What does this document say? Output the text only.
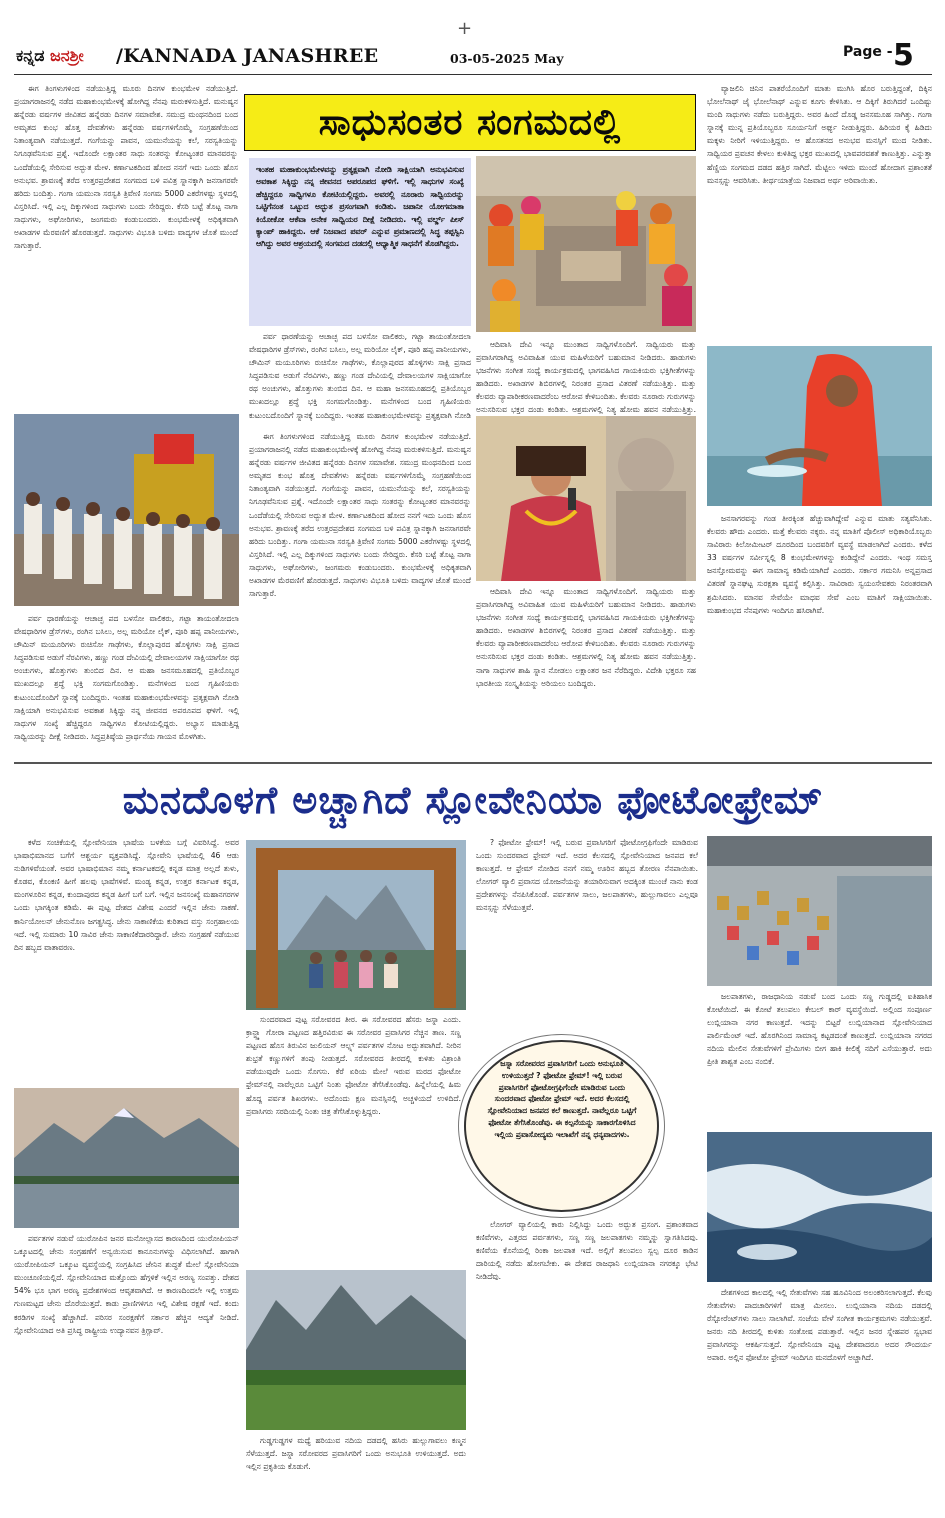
+
ಕನ್ನಡ ಜನಶ್ರೀ /KANNADA JANASHREE	03-05-2025 May	Page - 5
ಸಾಧುಸಂತರ ಸಂಗಮದಲ್ಲಿ

ಈಗ ತಿಂಗಳುಗಳಿಂದ ನಡೆಯುತ್ತಿದ್ದ ಮೂರು ದಿನಗಳ ಕುಂಭಮೇಳ ನಡೆಯುತ್ತಿದೆ. ಪ್ರಯಾಗರಾಜನಲ್ಲಿ ನಡೆದ ಮಹಾಕುಂಭಮೇಳಕ್ಕೆ ಹೋಗಿದ್ದ ನೆನಪು ಮರುಕಳಿಸುತ್ತಿದೆ. ಮನುಷ್ಯನ ಹನ್ನೆರಡು ವರ್ಷಗಳ ಜೀವಿತದ ಹನ್ನೆರಡು ದಿನಗಳ ಸಮಾವೇಶ. ಸಮುದ್ರ ಮಂಥನದಿಂದ ಬಂದ ಅಮೃತದ ಕುಂಭ ಹೊತ್ತ ದೇವತೆಗಳು ಹನ್ನೆರಡು ವರ್ಷಗಳಿಗೊಮ್ಮೆ ಸಂಗ್ರಹಣೆಯಿಂದ ನಿತಾಂತ್ಯವಾಗಿ ನಡೆಯುತ್ತದೆ. ಗಂಗೆಯನ್ನು ಪಾವನ, ಯಮುನೆಯನ್ನು ಕಲೆ, ಸರಸ್ವತಿಯನ್ನು ನಿಗೂಢವೆನಿಸುವ ಪ್ರಶ್ನೆ. ಇದೊಂದೇ ಲಕ್ಷಾಂತರ ಸಾಧು ಸಂತರನ್ನು ಕೋಟ್ಯಂತರ ಮಾನವರನ್ನು ಒಂದೆಡೆಯಲ್ಲಿ ಸೇರಿಸುವ ಅದ್ಭುತ ಮೇಳ. ಕರ್ಣಾಟಕದಿಂದ ಹೋದ ನನಗೆ ಇದು ಒಂದು ಹೊಸ ಅನುಭವ. ಶ್ರಾವಣಕ್ಕೆ ತರೆದ ಉತ್ತರಪ್ರದೇಶದ ಸಂಗಮದ ಬಳಿ ಪವಿತ್ರ ಸ್ನಾನಕ್ಕಾಗಿ ಜನಸಾಗರವೇ ಹರಿದು ಬಂದಿತ್ತು. ಗಂಗಾ ಯಮುನಾ ಸರಸ್ವತಿ ತ್ರಿವೇಣಿ ಸಂಗಮ 5000 ಎಕರೆಗಳಷ್ಟು ಸ್ಥಳದಲ್ಲಿ ವಿಸ್ತರಿಸಿದೆ. ಇಲ್ಲಿ ಎಲ್ಲ ದಿಕ್ಕುಗಳಿಂದ ಸಾಧುಗಳು ಬಂದು ಸೇರಿದ್ದರು. ಕೆಸರಿ ಬಟ್ಟೆ ತೊಟ್ಟ ನಾಗಾ ಸಾಧುಗಳು, ಅಘೋರಿಗಳು, ಜಂಗಮರು ಕಂಡುಬಂದರು. ಕುಂಭಮೇಳಕ್ಕೆ ಅಧಿಕೃತವಾಗಿ ಅಖಾಡಗಳ ಮೆರವಣಿಗೆ ಹೊರಡುತ್ತದೆ. ಸಾಧುಗಳು ವಿಭೂತಿ ಬಳಿದು ವಾದ್ಯಗಳ ಜೊತೆ ಮುಂದೆ ಸಾಗುತ್ತಾರೆ.

ಇಂತಹ ಮಹಾಕುಂಭಮೇಳವನ್ನು ಪ್ರತ್ಯಕ್ಷವಾಗಿ ನೋಡಿ ಸಾಕ್ಷಿಯಾಗಿ ಅನುಭವಿಸುವ ಅವಕಾಶ ಸಿಕ್ಕಿದ್ದು ನನ್ನ ಜೀವನದ ಅಪರೂಪದ ಘಳಿಗೆ. ಇಲ್ಲಿ ಸಾಧುಗಳ ಸಂಖ್ಯೆ ಹೆಚ್ಚಿದ್ದರೂ ಸಾಧ್ವಿಗಳೂ ಕೋಟಿಯಲ್ಲಿದ್ದರು. ಅವರಲ್ಲಿ ನೂರಾರು ಸಾಧ್ವಿಯರನ್ನು ಒಟ್ಟಿಗೆನಂತ ಒಟ್ಟುದ ಅದ್ಭುತ ಪ್ರಸಂಗವಾಗಿ ಕಂಡಿತು. ಜಪಾನೀ ಯೋಗಮಾತಾ ಕಿಯೋಕೋ ಆಕೆವಾ ಅನೇಕ ಸಾಧ್ವಿಯರ ದೀಕ್ಷೆ ನೀಡಿದರು. ಇಲ್ಲಿ ವರ್ಲ್ಡ್ ಪೀಸ್ ಕ್ಯಾಂಪ್ ಹಾಕಿದ್ದರು. ಆಕೆ ನಿಜವಾದ ಪವರ್ ಎನ್ನುವ ಪ್ರಮಾಣದಲ್ಲಿ ಸಿದ್ಧ ತಪ್ಪಸ್ವಿನಿ ಆಗಿದ್ದು ಅವರ ಆಶ್ರಯದಲ್ಲಿ ಸಂಗಮದ ದಡದಲ್ಲಿ ಆಧ್ಯಾತ್ಮಿಕ ಸಾಧನೆಗೆ ತೊಡಗಿದ್ದರು.

ಪರ್ವ ಧಾರಣೆಯನ್ನು ಆಚಾಚ್ಛ ಪದ ಬಳಸೋ ವಾಲಿಕರು, ಗಟ್ಟಾ ತಾಯಂತೋದಲಾ ವೇಷಧಾರಿಗಳ ಡ್ರೆಸ್‌ಗಳು, ರಂಗಿನ ಬಸಿಲು, ಅಲ್ಲ ಮರಿಯೋ ಲೈಕ್, ಪೂರಿ ಹಪ್ಪ ಪಾನೀಯಗಳು, ಚೌಮಿನ್ ಮಯೂರಿಗಳು ರುಚಿಸೋ ಗಾಢೆಗಳು, ಕೊಲ್ಲಾಪುರದ ಹೊಳ್ಳಿಗಳು ಸಾಕ್ಷಿ ಪ್ರಸಾದ ಸಿದ್ಧಪಡಿಸುವ ಅಡುಗೆ ನೆರವಿಗಳು, ಹಣ್ಣು ಗಂಡ ದೇವಿಯಲ್ಲಿ ದೇವಾಲಯಗಳ ಸಾಕ್ಷಿಯಾಗೋ ರಥ ಅಂಚುಗಳು, ಹೊತ್ತುಗಳು ತುಂಬಿದ ದಿನ. ಆ ಮಹಾ ಜನಸಮೂಹದಲ್ಲಿ ಪ್ರತಿಯೊಬ್ಬರ ಮುಖದಲ್ಲೂ ಶ್ರದ್ಧೆ ಭಕ್ತಿ ಸಂಗಮಗೊಂಡಿತ್ತು. ಮನೆಗಳಿಂದ ಬಂದ ಗೃಹಿಣಿಯರು ಕುಟುಂಬದೊಂದಿಗೆ ಸ್ನಾನಕ್ಕೆ ಬಂದಿದ್ದರು. ಇಂತಹ ಮಹಾಕುಂಭಮೇಳವನ್ನು ಪ್ರತ್ಯಕ್ಷವಾಗಿ ನೋಡಿ

ಆದಿವಾಸಿ ದೇವಿ ಇನ್ನೂ ಮುಂತಾದ ಸಾಧ್ವಿಗಳೊಂದಿಗೆ. ಸಾಧ್ವಿಯರು ಮತ್ತು ಪ್ರವಾಸಿಗರಾಗಿದ್ದ ಅವಿವಾಹಿತ ಯುವ ಮಹಿಳೆಯರಿಗೆ ಬಹುಮಾನ ನೀಡಿದರು. ಹಾಡುಗಳು ಭಜನೆಗಳು ಸಂಗೀತ ಸಂಧ್ಯೆ ಕಾರ್ಯಕ್ರಮದಲ್ಲಿ ಭಾಗವಹಿಸಿದ ಗಾಯಕಿಯರು ಭಕ್ತಿಗೀತೆಗಳನ್ನು ಹಾಡಿದರು. ಅಖಾಡಗಳ ಶಿಬಿರಗಳಲ್ಲಿ ನಿರಂತರ ಪ್ರಸಾದ ವಿತರಣೆ ನಡೆಯುತ್ತಿತ್ತು. ಮತ್ತು ಕೆಲವರು ವ್ಯಾಪಾರೀಕರಣವಾದರೆಂಬ ಆರೋಪ ಕೇಳಿಬಂದಿತು. ಕೆಲವರು ನೂರಾರು ಗುರುಗಳನ್ನು ಅನುಸರಿಸುವ ಭಕ್ತರ ದಂಡು ಕಂಡಿತು. ಆಶ್ರಮಗಳಲ್ಲಿ ನಿತ್ಯ ಹೋಮ ಹವನ ನಡೆಯುತ್ತಿತ್ತು.

ವ್ಯಾಜಲಿನಿ ಚಿನಿನ ಪಾತರೆಯೊಂದಿಗೆ ಮಾತು ಮುಗಿಸಿ ಹೊರ ಬರುತ್ತಿದ್ದಂತೆ, ದಿಕ್ಕಿನ ಭೋಲೆನಾಥ್ ಜೈ ಭೋಲೆನಾಥ್ ಎನ್ನುವ ಕೂಗು ಕೇಳಿಸಿತು. ಆ ದಿಕ್ಕಿಗೆ ತಿರುಗಿದರೆ ಒಂದಿಷ್ಟು ಮಂದಿ ಸಾಧುಗಳು ನಡೆದು ಬರುತ್ತಿದ್ದರು. ಅವರ ಹಿಂದೆ ದೊಡ್ಡ ಜನಸಮೂಹ ಸಾಗಿತ್ತು. ಗಂಗಾ ಸ್ನಾನಕ್ಕೆ ಮುನ್ನ ಪ್ರತಿಯೊಬ್ಬರೂ ಸೂರ್ಯನಿಗೆ ಅರ್ಘ್ಯ ನೀಡುತ್ತಿದ್ದರು. ಹಿರಿಯರ ಕೈ ಹಿಡಿದು ಮಕ್ಕಳು ನೀರಿಗೆ ಇಳಿಯುತ್ತಿದ್ದರು. ಆ ಹೊಸತನದ ಅನುಭವ ಮನಸ್ಸಿಗೆ ಮುದ ನೀಡಿತು. ಸಾಧ್ವಿಯರ ಪ್ರವಚನ ಕೇಳಲು ಕುಳಿತಿದ್ದ ಭಕ್ತರ ಮುಖದಲ್ಲಿ ಭಾವಪರವಶತೆ ಕಾಣುತ್ತಿತ್ತು. ಎನ್ನುತ್ತಾ ಹೆಣ್ಣಿಯ ಸಂಗಮದ ದಡದ ಹತ್ತಿರ ಸಾಗಿದೆ. ಮೆಟ್ಟಿಲು ಇಳಿದು ಮುಂದೆ ಹೋದಾಗ ಪ್ರಶಾಂತತೆ ಮನಸ್ಸನ್ನು ಆವರಿಸಿತು. ತೀರ್ಥಯಾತ್ರೆಯ ನಿಜವಾದ ಅರ್ಥ ಅರಿವಾಯಿತು.

ಪರ್ವ ಧಾರಣೆಯನ್ನು ಆಚಾಚ್ಛ ಪದ ಬಳಸೋ ವಾಲಿಕರು, ಗಟ್ಟಾ ತಾಯಂತೋದಲಾ ವೇಷಧಾರಿಗಳ ಡ್ರೆಸ್‌ಗಳು, ರಂಗಿನ ಬಸಿಲು, ಅಲ್ಲ ಮರಿಯೋ ಲೈಕ್, ಪೂರಿ ಹಪ್ಪ ಪಾನೀಯಗಳು, ಚೌಮಿನ್ ಮಯೂರಿಗಳು ರುಚಿಸೋ ಗಾಢೆಗಳು, ಕೊಲ್ಲಾಪುರದ ಹೊಳ್ಳಿಗಳು ಸಾಕ್ಷಿ ಪ್ರಸಾದ ಸಿದ್ಧಪಡಿಸುವ ಅಡುಗೆ ನೆರವಿಗಳು, ಹಣ್ಣು ಗಂಡ ದೇವಿಯಲ್ಲಿ ದೇವಾಲಯಗಳ ಸಾಕ್ಷಿಯಾಗೋ ರಥ ಅಂಚುಗಳು, ಹೊತ್ತುಗಳು ತುಂಬಿದ ದಿನ. ಆ ಮಹಾ ಜನಸಮೂಹದಲ್ಲಿ ಪ್ರತಿಯೊಬ್ಬರ ಮುಖದಲ್ಲೂ ಶ್ರದ್ಧೆ ಭಕ್ತಿ ಸಂಗಮಗೊಂಡಿತ್ತು. ಮನೆಗಳಿಂದ ಬಂದ ಗೃಹಿಣಿಯರು ಕುಟುಂಬದೊಂದಿಗೆ ಸ್ನಾನಕ್ಕೆ ಬಂದಿದ್ದರು. ಇಂತಹ ಮಹಾಕುಂಭಮೇಳವನ್ನು ಪ್ರತ್ಯಕ್ಷವಾಗಿ ನೋಡಿ ಸಾಕ್ಷಿಯಾಗಿ ಅನುಭವಿಸುವ ಅವಕಾಶ ಸಿಕ್ಕಿದ್ದು ನನ್ನ ಜೀವನದ ಅಪರೂಪದ ಘಳಿಗೆ. ಇಲ್ಲಿ ಸಾಧುಗಳ ಸಂಖ್ಯೆ ಹೆಚ್ಚಿದ್ದರೂ ಸಾಧ್ವಿಗಳೂ ಕೋಟಿಯಲ್ಲಿದ್ದರು. ಅಭ್ಯಾಸ ಮಾಡುತ್ತಿದ್ದ ಸಾಧ್ವಿಯರನ್ನು ದೀಕ್ಷೆ ನೀಡಿದರು. ಸಿದ್ಧಪ್ರತಿಷ್ಠೆಯ ಪ್ರಾರ್ಥನೆಯ ಗಾಯನ ಮೊಳಗಿತು.

ಈಗ ತಿಂಗಳುಗಳಿಂದ ನಡೆಯುತ್ತಿದ್ದ ಮೂರು ದಿನಗಳ ಕುಂಭಮೇಳ ನಡೆಯುತ್ತಿದೆ. ಪ್ರಯಾಗರಾಜನಲ್ಲಿ ನಡೆದ ಮಹಾಕುಂಭಮೇಳಕ್ಕೆ ಹೋಗಿದ್ದ ನೆನಪು ಮರುಕಳಿಸುತ್ತಿದೆ. ಮನುಷ್ಯನ ಹನ್ನೆರಡು ವರ್ಷಗಳ ಜೀವಿತದ ಹನ್ನೆರಡು ದಿನಗಳ ಸಮಾವೇಶ. ಸಮುದ್ರ ಮಂಥನದಿಂದ ಬಂದ ಅಮೃತದ ಕುಂಭ ಹೊತ್ತ ದೇವತೆಗಳು ಹನ್ನೆರಡು ವರ್ಷಗಳಿಗೊಮ್ಮೆ ಸಂಗ್ರಹಣೆಯಿಂದ ನಿತಾಂತ್ಯವಾಗಿ ನಡೆಯುತ್ತದೆ. ಗಂಗೆಯನ್ನು ಪಾವನ, ಯಮುನೆಯನ್ನು ಕಲೆ, ಸರಸ್ವತಿಯನ್ನು ನಿಗೂಢವೆನಿಸುವ ಪ್ರಶ್ನೆ. ಇದೊಂದೇ ಲಕ್ಷಾಂತರ ಸಾಧು ಸಂತರನ್ನು ಕೋಟ್ಯಂತರ ಮಾನವರನ್ನು ಒಂದೆಡೆಯಲ್ಲಿ ಸೇರಿಸುವ ಅದ್ಭುತ ಮೇಳ. ಕರ್ಣಾಟಕದಿಂದ ಹೋದ ನನಗೆ ಇದು ಒಂದು ಹೊಸ ಅನುಭವ. ಶ್ರಾವಣಕ್ಕೆ ತರೆದ ಉತ್ತರಪ್ರದೇಶದ ಸಂಗಮದ ಬಳಿ ಪವಿತ್ರ ಸ್ನಾನಕ್ಕಾಗಿ ಜನಸಾಗರವೇ ಹರಿದು ಬಂದಿತ್ತು. ಗಂಗಾ ಯಮುನಾ ಸರಸ್ವತಿ ತ್ರಿವೇಣಿ ಸಂಗಮ 5000 ಎಕರೆಗಳಷ್ಟು ಸ್ಥಳದಲ್ಲಿ ವಿಸ್ತರಿಸಿದೆ. ಇಲ್ಲಿ ಎಲ್ಲ ದಿಕ್ಕುಗಳಿಂದ ಸಾಧುಗಳು ಬಂದು ಸೇರಿದ್ದರು. ಕೆಸರಿ ಬಟ್ಟೆ ತೊಟ್ಟ ನಾಗಾ ಸಾಧುಗಳು, ಅಘೋರಿಗಳು, ಜಂಗಮರು ಕಂಡುಬಂದರು. ಕುಂಭಮೇಳಕ್ಕೆ ಅಧಿಕೃತವಾಗಿ ಅಖಾಡಗಳ ಮೆರವಣಿಗೆ ಹೊರಡುತ್ತದೆ. ಸಾಧುಗಳು ವಿಭೂತಿ ಬಳಿದು ವಾದ್ಯಗಳ ಜೊತೆ ಮುಂದೆ ಸಾಗುತ್ತಾರೆ.	ಆದಿವಾಸಿ ದೇವಿ ಇನ್ನೂ ಮುಂತಾದ ಸಾಧ್ವಿಗಳೊಂದಿಗೆ. ಸಾಧ್ವಿಯರು ಮತ್ತು ಪ್ರವಾಸಿಗರಾಗಿದ್ದ ಅವಿವಾಹಿತ ಯುವ ಮಹಿಳೆಯರಿಗೆ ಬಹುಮಾನ ನೀಡಿದರು. ಹಾಡುಗಳು ಭಜನೆಗಳು ಸಂಗೀತ ಸಂಧ್ಯೆ ಕಾರ್ಯಕ್ರಮದಲ್ಲಿ ಭಾಗವಹಿಸಿದ ಗಾಯಕಿಯರು ಭಕ್ತಿಗೀತೆಗಳನ್ನು ಹಾಡಿದರು. ಅಖಾಡಗಳ ಶಿಬಿರಗಳಲ್ಲಿ ನಿರಂತರ ಪ್ರಸಾದ ವಿತರಣೆ ನಡೆಯುತ್ತಿತ್ತು. ಮತ್ತು ಕೆಲವರು ವ್ಯಾಪಾರೀಕರಣವಾದರೆಂಬ ಆರೋಪ ಕೇಳಿಬಂದಿತು. ಕೆಲವರು ನೂರಾರು ಗುರುಗಳನ್ನು ಅನುಸರಿಸುವ ಭಕ್ತರ ದಂಡು ಕಂಡಿತು. ಆಶ್ರಮಗಳಲ್ಲಿ ನಿತ್ಯ ಹೋಮ ಹವನ ನಡೆಯುತ್ತಿತ್ತು. ನಾಗಾ ಸಾಧುಗಳ ಶಾಹಿ ಸ್ನಾನ ನೋಡಲು ಲಕ್ಷಾಂತರ ಜನ ನೆರೆದಿದ್ದರು. ವಿದೇಶಿ ಭಕ್ತರೂ ಸಹ ಭಾರತೀಯ ಸಂಸ್ಕೃತಿಯನ್ನು ಅರಿಯಲು ಬಂದಿದ್ದರು.

ಜನಸಾಗರವನ್ನು ಗಂಡ ತೀರಕ್ಕಿಂತ ಹೆಚ್ಚುವಾಗಿದ್ದೇವೆ ಎನ್ನುವ ಮಾತು ಸತ್ಯವೆನಿಸಿತು. ಕೆಲವರು ಹೌದು ಎಂದರು. ಮತ್ತೆ ಕೆಲವರು ನಕ್ಕರು. ನನ್ನ ಮಾತಿಗೆ ಪೊಲೀಸ್ ಅಧಿಕಾರಿಯೊಬ್ಬರು ಸಾವಿರಾರು ಕಿಲೋಮೀಟರ್ ದೂರದಿಂದ ಬಂದವರಿಗೆ ವ್ಯವಸ್ಥೆ ಮಾಡಲಾಗಿದೆ ಎಂದರು. ಕಳೆದ 33 ವರ್ಷಗಳ ಸರ್ವೀಸ್ನಲ್ಲಿ 8 ಕುಂಭಮೇಳಗಳನ್ನು ಕಂಡಿದ್ದೇನೆ ಎಂದರು. ಇಂಥ ಸಮಸ್ತ ಜನಸ್ತೋಮವನ್ನು ಈಗ ಸಾಮಾನ್ಯ ಕಡಿಮೆಯಾಗಿದೆ ಎಂದರು. ಸರ್ಕಾರ ಗಮನಿಸಿ ಅನ್ನಪ್ರಸಾದ ವಿತರಣೆ ಸ್ನಾನಘಟ್ಟ ಸುರಕ್ಷತಾ ವ್ಯವಸ್ಥೆ ಕಲ್ಪಿಸಿತ್ತು. ಸಾವಿರಾರು ಸ್ವಯಂಸೇವಕರು ನಿರಂತರವಾಗಿ ಶ್ರಮಿಸಿದರು. ಮಾನವ ಸೇವೆಯೇ ಮಾಧವ ಸೇವೆ ಎಂಬ ಮಾತಿಗೆ ಸಾಕ್ಷಿಯಾಯಿತು. ಮಹಾಕುಂಭದ ನೆನಪುಗಳು ಇಂದಿಗೂ ಹಸಿರಾಗಿವೆ.

ಮನದೊಳಗೆ ಅಚ್ಚಾಗಿದೆ ಸ್ಲೋವೇನಿಯಾ ಫೋಟೋಫ್ರೇಮ್

ಕಳೆದ ಸಂಚಿಕೆಯಲ್ಲಿ ಸ್ಲೋವೇನಿಯಾ ಭಾಷೆಯ ಬಳಕೆಯ ಬಗ್ಗೆ ವಿವರಿಸಿದ್ದೆ. ಅವರ ಭಾಷಾಭಿಮಾನದ ಬಗೆಗೆ ಆಶ್ಚರ್ಯ ವ್ಯಕ್ತಪಡಿಸಿದ್ದೆ. ಸ್ಲೋವೇನಿ ಭಾಷೆಯಲ್ಲಿ 46 ಆಡು ನುಡಿಗಳಿವೆಯಂತೆ. ಅವರ ಭಾಷಾಭಿಮಾನ ನಮ್ಮ ಕರ್ನಾಟಕದಲ್ಲಿ ಕನ್ನಡ ಮಾತ್ರ ಅಲ್ಲದೆ ತುಳು, ಕೊಡವ, ಕೊಂಕಣಿ ಹೀಗೆ ಹಲವು ಭಾಷೆಗಳಿವೆ. ಮಂಡ್ಯ ಕನ್ನಡ, ಉತ್ತರ ಕರ್ನಾಟಕ ಕನ್ನಡ, ಮಂಗಳೂರಿನ ಕನ್ನಡ, ಕುಂದಾಪುರದ ಕನ್ನಡ ಹೀಗೆ ಬಗೆ ಬಗೆ. ಇಲ್ಲಿನ ಜನಸಂಖ್ಯೆ ಮಹಾನಗರಗಳ ಒಂದು ಭಾಗಕ್ಕಿಂತ ಕಡಿಮೆ. ಈ ಪುಟ್ಟ ದೇಶದ ವಿಶೇಷ ಎಂದರೆ ಇಲ್ಲಿನ ಜೇನು ಸಾಕಣೆ. ಕಾರ್ನಿಯೋಲನ್ ಜೇನುನೊಣ ಜಗತ್ಪ್ರಸಿದ್ಧ. ಜೇನು ಸಾಕಾಣಿಕೆಯ ಕುರಿತಾದ ವಸ್ತು ಸಂಗ್ರಹಾಲಯ ಇದೆ. ಇಲ್ಲಿ ಸುಮಾರು 10 ಸಾವಿರ ಜೇನು ಸಾಕಾಣಿಕೆದಾರರಿದ್ದಾರೆ. ಜೇನು ಸಂಗ್ರಹಣೆ ನಡೆಯುವ ದಿನ ಹಬ್ಬದ ವಾತಾವರಣ.

ಪರ್ವತಗಳ ನಡುವೆ ಯುರೋಪಿನ ಜನರ ಮನೋಲ್ಲಾಸದ ಕಾರಣದಿಂದ ಯುರೋಪಿಯನ್ ಒಕ್ಕೂಟದಲ್ಲಿ ಜೇನು ಸಂಗ್ರಹಣೆಗೆ ಅನ್ವಯಿಸುವ ಕಾನೂನುಗಳನ್ನು ವಿಧಿಸಲಾಗಿದೆ. ಹಾಗಾಗಿ ಯುರೋಪಿಯನ್ ಒಕ್ಕೂಟ ವ್ಯವಸ್ಥೆಯಲ್ಲಿ ಸಂಗ್ರಹಿಸಿದ ಜೇನಿನ ಶುದ್ಧತೆ ಮೇಲೆ ಸ್ಲೋವೇನಿಯಾ ಮುಂಚೂಣಿಯಲ್ಲಿದೆ. ಸ್ಲೋವೇನಿಯಾದ ಮತ್ತೊಂದು ಹೆಗ್ಗಳಿಕೆ ಇಲ್ಲಿನ ಅರಣ್ಯ ಸಂಪತ್ತು. ದೇಶದ 54% ಭೂ ಭಾಗ ಅರಣ್ಯ ಪ್ರದೇಶಗಳಿಂದ ಆವೃತವಾಗಿದೆ. ಆ ಕಾರಣದಿಂದಲೇ ಇಲ್ಲಿ ಉತ್ತಮ ಗುಣಮಟ್ಟದ ಜೇನು ದೊರೆಯುತ್ತದೆ. ಕಾಡು ಪ್ರಾಣಿಗಳಿಗೂ ಇಲ್ಲಿ ವಿಶೇಷ ರಕ್ಷಣೆ ಇದೆ. ಕಂದು ಕರಡಿಗಳ ಸಂಖ್ಯೆ ಹೆಚ್ಚಾಗಿದೆ. ಪರಿಸರ ಸಂರಕ್ಷಣೆಗೆ ಸರ್ಕಾರ ಹೆಚ್ಚಿನ ಆದ್ಯತೆ ನೀಡಿದೆ. ಸ್ಲೋವೇನಿಯಾದ ಅತಿ ಪ್ರಸಿದ್ಧ ರಾಷ್ಟ್ರೀಯ ಉದ್ಯಾನವನ ತ್ರಿಗ್ಲಾವ್.

ಸುಂದರವಾದ ಪುಟ್ಟ ಸರೋವರದ ತೀರ. ಈ ಸರೋವರದ ಹೆಸರು ಜಸ್ನಾ ಎಂದು. ಕ್ರಾನ್ಜ್ಸ್ಕಾ ಗೋರಾ ಪಟ್ಟಣದ ಹತ್ತಿರವಿರುವ ಈ ಸರೋವರ ಪ್ರವಾಸಿಗರ ನೆಚ್ಚಿನ ತಾಣ. ಸಣ್ಣ ಪಟ್ಟಣದ ಹೊಸ ತಿರುವಿನ ಜುಲಿಯನ್ ಆಲ್ಪ್ಸ್ ಪರ್ವತಗಳ ನೋಟ ಅದ್ಭುತವಾಗಿದೆ. ನೀರಿನ ಶುಭ್ರತೆ ಕಣ್ಣುಗಳಿಗೆ ತಂಪು ನೀಡುತ್ತದೆ. ಸರೋವರದ ತೀರದಲ್ಲಿ ಕುಳಿತು ವಿಶ್ರಾಂತಿ ಪಡೆಯುವುದೇ ಒಂದು ಸೊಗಸು. ಕೆರೆ ಏರಿಯ ಮೇಲೆ ಇರುವ ಮರದ ಫೋಟೋ ಫ್ರೇಮ್‌ನಲ್ಲಿ ನಾವೆಲ್ಲರೂ ಒಟ್ಟಿಗೆ ನಿಂತು ಫೋಟೋ ತೆಗೆಸಿಕೊಂಡೆವು. ಹಿನ್ನೆಲೆಯಲ್ಲಿ ಹಿಮ ಹೊದ್ದ ಪರ್ವತ ಶಿಖರಗಳು. ಅದೊಂದು ಕ್ಷಣ ಮನಸ್ಸಿನಲ್ಲಿ ಅಚ್ಚಳಿಯದೆ ಉಳಿದಿದೆ. ಪ್ರವಾಸಿಗರು ಸರದಿಯಲ್ಲಿ ನಿಂತು ಚಿತ್ರ ತೆಗೆಸಿಕೊಳ್ಳುತ್ತಿದ್ದರು.

ಜಸ್ನಾ ಸರೋವರದ ಪ್ರವಾಸಿಗರಿಗೆ ಒಂದು ಅನುಭೂತಿ ಉಳಿಯುತ್ತದೆ ? ಫೋಟೋ ಫ್ರೇಮ್! ಇಲ್ಲಿ ಬರುವ ಪ್ರವಾಸಿಗರಿಗೆ ಫೋಟೋಗ್ರಫಿಗೆಂದೇ ಮಾಡಿರುವ ಒಂದು ಸುಂದರವಾದ ಫೋಟೋ ಫ್ರೇಮ್ ಇದೆ. ಅದರ ಕೆಲಸದಲ್ಲಿ ಸ್ಲೋವೇನಿಯಾದ ಜನಪದ ಕಲೆ ಕಾಣುತ್ತದೆ. ನಾವೆಲ್ಲರೂ ಒಟ್ಟಿಗೆ ಫೋಟೋ ತೆಗೆಸಿಕೊಂಡೆವು. ಈ ಕಲ್ಪನೆಯನ್ನು ಸಾಕಾರಗೊಳಿಸಿದ ಇಲ್ಲಿಯ ಪ್ರವಾಸೋದ್ಯಮ ಇಲಾಖೆಗೆ ನನ್ನ ಧನ್ಯವಾದಗಳು.

ಗುಡ್ಡಗುಡ್ಡಗಳ ಮಧ್ಯೆ ಹರಿಯುವ ನದಿಯ ದಡದಲ್ಲಿ ಹಸಿರು ಹುಲ್ಲುಗಾವಲು ಕಣ್ಮನ ಸೆಳೆಯುತ್ತದೆ. ಜಸ್ನಾ ಸರೋವರದ ಪ್ರವಾಸಿಗರಿಗೆ ಒಂದು ಅನುಭೂತಿ ಉಳಿಯುತ್ತದೆ. ಅದು ಇಲ್ಲಿನ ಪ್ರಕೃತಿಯ ಕೊಡುಗೆ.

? ಫೋಟೋ ಫ್ರೇಮ್! ಇಲ್ಲಿ ಬರುವ ಪ್ರವಾಸಿಗರಿಗೆ ಫೋಟೋಗ್ರಫಿಗೆಂದೇ ಮಾಡಿರುವ ಒಂದು ಸುಂದರವಾದ ಫ್ರೇಮ್ ಇದೆ. ಅದರ ಕೆಲಸದಲ್ಲಿ ಸ್ಲೋವೇನಿಯಾದ ಜನಪದ ಕಲೆ ಕಾಣುತ್ತದೆ. ಆ ಫ್ರೇಮ್ ನೋಡಿದ ನನಗೆ ನಮ್ಮ ಊರಿನ ಹಬ್ಬದ ತೋರಣ ನೆನಪಾಯಿತು. ಲೋಗರ್ ವ್ಯಾಲಿ ಪ್ರವಾಸದ ಯೋಜನೆಯನ್ನು ತಯಾರಿಸುವಾಗ ಅದಕ್ಕಿಂತ ಮುಂಚೆ ನಾನು ಕಂಡ ಪ್ರದೇಶಗಳನ್ನು ನೆನಪಿಸಿಕೊಂಡೆ. ಪರ್ವತಗಳ ಸಾಲು, ಜಲಪಾತಗಳು, ಹುಲ್ಲುಗಾವಲು ಎಲ್ಲವೂ ಮನಸ್ಸನ್ನು ಸೆಳೆಯುತ್ತವೆ.

ಲೋಗರ್ ವ್ಯಾಲಿಯಲ್ಲಿ ಕಾರು ನಿಲ್ಲಿಸಿದ್ದು ಒಂದು ಅದ್ಭುತ ಪ್ರಸಂಗ. ಪ್ರಶಾಂತವಾದ ಕಣಿವೆಗಳು, ಎತ್ತರದ ಪರ್ವತಗಳು, ಸಣ್ಣ ಸಣ್ಣ ಜಲಪಾತಗಳು ನಮ್ಮನ್ನು ಸ್ವಾಗತಿಸಿದವು. ಕಣಿವೆಯ ಕೊನೆಯಲ್ಲಿ ರಿಂಕಾ ಜಲಪಾತ ಇದೆ. ಅಲ್ಲಿಗೆ ತಲುಪಲು ಸ್ವಲ್ಪ ದೂರ ಕಾಡಿನ ದಾರಿಯಲ್ಲಿ ನಡೆದು ಹೋಗಬೇಕು. ಈ ದೇಶದ ರಾಜಧಾನಿ ಲುಬ್ಲಿಯಾನಾ ನಗರಕ್ಕೂ ಭೇಟಿ ನೀಡಿದೆವು.

ಜಲಪಾತಗಳು, ರಾಜಧಾನಿಯ ನಡುವೆ ಬಂದ ಒಂದು ಸಣ್ಣ ಗುಡ್ಡದಲ್ಲಿ ಐತಿಹಾಸಿಕ ಕೋಟೆಯಿದೆ. ಈ ಕೋಟೆ ತಲುಪಲು ಕೇಬಲ್ ಕಾರ್ ವ್ಯವಸ್ಥೆಯಿದೆ. ಅಲ್ಲಿಂದ ಸಂಪೂರ್ಣ ಲುಬ್ಲಿಯಾನಾ ನಗರ ಕಾಣುತ್ತದೆ. ಇದನ್ನು ಬಿಟ್ಟರೆ ಲುಬ್ಲಿಯಾನಾದ ಸ್ಲೋವೇನಿಯಾದ ಪಾರ್ಲಿಮೆಂಟ್ ಇದೆ. ಹೊರಗಿನಿಂದ ಸಾಮಾನ್ಯ ಕಟ್ಟಡದಂತೆ ಕಾಣುತ್ತದೆ. ಲುಬ್ಲಿಯಾನಾ ನಗರದ ನದಿಯ ಮೇಲಿನ ಸೇತುವೆಗಳಿಗೆ ಪ್ರೇಮಿಗಳು ಬೀಗ ಹಾಕಿ ಕೀಲಿಕೈ ನದಿಗೆ ಎಸೆಯುತ್ತಾರೆ. ಅದು ಪ್ರೀತಿ ಶಾಶ್ವತ ಎಂಬ ನಂಬಿಕೆ.

ದೇಶಗಳಿಂದ ಕಾಲದಲ್ಲಿ ಇಲ್ಲಿ ಸೇತುವೆಗಳು ಸಹ ಹೂವಿನಿಂದ ಅಲಂಕರಿಸಲಾಗುತ್ತದೆ. ಕೆಲವು ಸೇತುವೆಗಳು ಪಾದಚಾರಿಗಳಿಗೆ ಮಾತ್ರ ಮೀಸಲು. ಲುಬ್ಲಿಯಾನಾ ನದಿಯ ದಡದಲ್ಲಿ ರೆಸ್ಟೋರೆಂಟ್‌ಗಳು ಸಾಲು ಸಾಲಾಗಿವೆ. ಸಂಜೆಯ ವೇಳೆ ಸಂಗೀತ ಕಾರ್ಯಕ್ರಮಗಳು ನಡೆಯುತ್ತವೆ. ಜನರು ನದಿ ತೀರದಲ್ಲಿ ಕುಳಿತು ಸಂತೋಷ ಪಡುತ್ತಾರೆ. ಇಲ್ಲಿನ ಜನರ ಸ್ನೇಹಪರ ಸ್ವಭಾವ ಪ್ರವಾಸಿಗರನ್ನು ಆಕರ್ಷಿಸುತ್ತದೆ. ಸ್ಲೋವೇನಿಯಾ ಪುಟ್ಟ ದೇಶವಾದರೂ ಅದರ ಸೌಂದರ್ಯ ಅಪಾರ. ಅಲ್ಲಿನ ಫೋಟೋ ಫ್ರೇಮ್ ಇಂದಿಗೂ ಮನದೊಳಗೆ ಅಚ್ಚಾಗಿದೆ.
